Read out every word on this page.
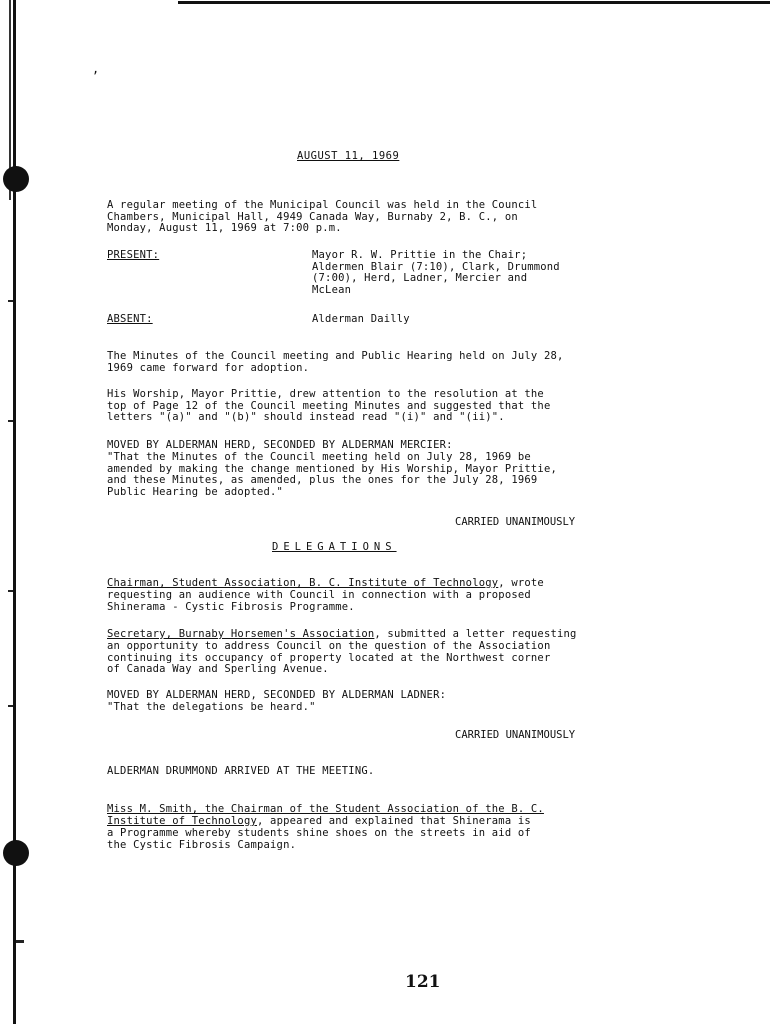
,
AUGUST 11, 1969
A regular meeting of the Municipal Council was held in the Council
Chambers, Municipal Hall, 4949 Canada Way, Burnaby 2, B. C., on
Monday, August 11, 1969 at 7:00 p.m.
PRESENT:	Mayor R. W. Prittie in the Chair;
Aldermen Blair (7:10), Clark, Drummond
(7:00), Herd, Ladner, Mercier and
McLean
ABSENT:	Alderman Dailly
The Minutes of the Council meeting and Public Hearing held on July 28,
1969 came forward for adoption.
His Worship, Mayor Prittie, drew attention to the resolution at the
top of Page 12 of the Council meeting Minutes and suggested that the
letters "(a)" and "(b)" should instead read "(i)" and "(ii)".
MOVED BY ALDERMAN HERD, SECONDED BY ALDERMAN MERCIER:
"That the Minutes of the Council meeting held on July 28, 1969 be
amended by making the change mentioned by His Worship, Mayor Prittie,
and these Minutes, as amended, plus the ones for the July 28, 1969
Public Hearing be adopted."
CARRIED UNANIMOUSLY
DELEGATIONS
Chairman, Student Association, B. C. Institute of Technology, wrote
requesting an audience with Council in connection with a proposed
Shinerama - Cystic Fibrosis Programme.
Secretary, Burnaby Horsemen's Association, submitted a letter requesting
an opportunity to address Council on the question of the Association
continuing its occupancy of property located at the Northwest corner
of Canada Way and Sperling Avenue.
MOVED BY ALDERMAN HERD, SECONDED BY ALDERMAN LADNER:
"That the delegations be heard."
CARRIED UNANIMOUSLY
ALDERMAN DRUMMOND ARRIVED AT THE MEETING.
Miss M. Smith, the Chairman of the Student Association of the B. C.
Institute of Technology, appeared and explained that Shinerama is
a Programme whereby students shine shoes on the streets in aid of
the Cystic Fibrosis Campaign.
121
